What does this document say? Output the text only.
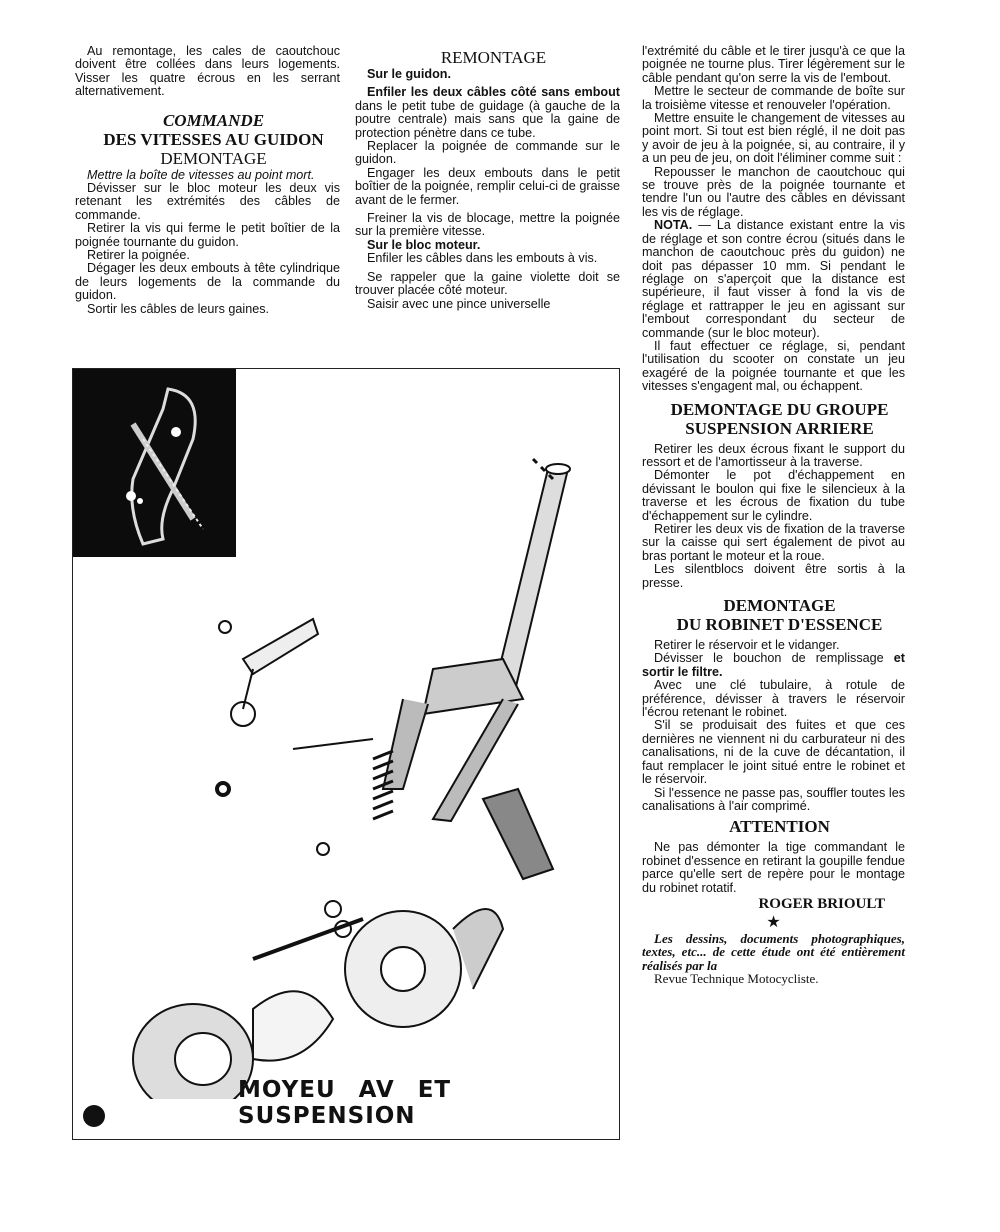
Au remontage, les cales de caoutchouc doivent être collées dans leurs logements. Visser les quatre écrous en les serrant alternativement.

COMMANDE

DES VITESSES AU GUIDON

DEMONTAGE

Mettre la boîte de vitesses au point mort.

Dévisser sur le bloc moteur les deux vis retenant les extrémités des câbles de commande.

Retirer la vis qui ferme le petit boîtier de la poignée tournante du guidon.

Retirer la poignée.

Dégager les deux embouts à tête cylindrique de leurs logements de la commande du guidon.

Sortir les câbles de leurs gaines.

REMONTAGE

Sur le guidon.

Enfiler les deux câbles côté sans embout dans le petit tube de guidage (à gauche de la poutre centrale) mais sans que la gaine de protection pénètre dans ce tube.

Replacer la poignée de commande sur le guidon.

Engager les deux embouts dans le petit boîtier de la poignée, remplir celui-ci de graisse avant de le fermer.

Freiner la vis de blocage, mettre la poignée sur la première vitesse.

Sur le bloc moteur.

Enfiler les câbles dans les embouts à vis.

Se rappeler que la gaine violette doit se trouver placée côté moteur.

Saisir avec une pince universelle

l'extrémité du câble et le tirer jusqu'à ce que la poignée ne tourne plus. Tirer légèrement sur le câble pendant qu'on serre la vis de l'embout.

Mettre le secteur de commande de boîte sur la troisième vitesse et renouveler l'opération.

Mettre ensuite le changement de vitesses au point mort. Si tout est bien réglé, il ne doit pas y avoir de jeu à la poignée, si, au contraire, il y a un peu de jeu, on doit l'éliminer comme suit :

Repousser le manchon de caoutchouc qui se trouve près de la poignée tournante et tendre l'un ou l'autre des câbles en dévissant les vis de réglage.

NOTA. — La distance existant entre la vis de réglage et son contre écrou (situés dans le manchon de caoutchouc près du guidon) ne doit pas dépasser 10 mm. Si pendant le réglage on s'aperçoit que la distance est supérieure, il faut visser à fond la vis de réglage et rattrapper le jeu en agissant sur l'embout correspondant du secteur de commande (sur le bloc moteur).

Il faut effectuer ce réglage, si, pendant l'utilisation du scooter on constate un jeu exagéré de la poignée tournante et que les vitesses s'engagent mal, ou échappent.

DEMONTAGE DU GROUPE

SUSPENSION ARRIERE

Retirer les deux écrous fixant le support du ressort et de l'amortisseur à la traverse.

Démonter le pot d'échappement en dévissant le boulon qui fixe le silencieux à la traverse et les écrous de fixation du tube d'échappement sur le cylindre.

Retirer les deux vis de fixation de la traverse sur la caisse qui sert également de pivot au bras portant le moteur et la roue.

Les silentblocs doivent être sortis à la presse.

DEMONTAGE

DU ROBINET D'ESSENCE

Retirer le réservoir et le vidanger.

Dévisser le bouchon de remplissage et sortir le filtre.

Avec une clé tubulaire, à rotule de préférence, dévisser à travers le réservoir l'écrou retenant le robinet.

S'il se produisait des fuites et que ces dernières ne viennent ni du carburateur ni des canalisations, ni de la cuve de décantation, il faut remplacer le joint situé entre le robinet et le réservoir.

Si l'essence ne passe pas, souffler toutes les canalisations à l'air comprimé.

ATTENTION

Ne pas démonter la tige commandant le robinet d'essence en retirant la goupille fendue parce qu'elle sert de repère pour le montage du robinet rotatif.

ROGER BRIOULT

★

Les dessins, documents photographiques, textes, etc... de cette étude ont été entièrement réalisés par la

Revue Technique Motocycliste.

MOYEU AV ET SUSPENSION
